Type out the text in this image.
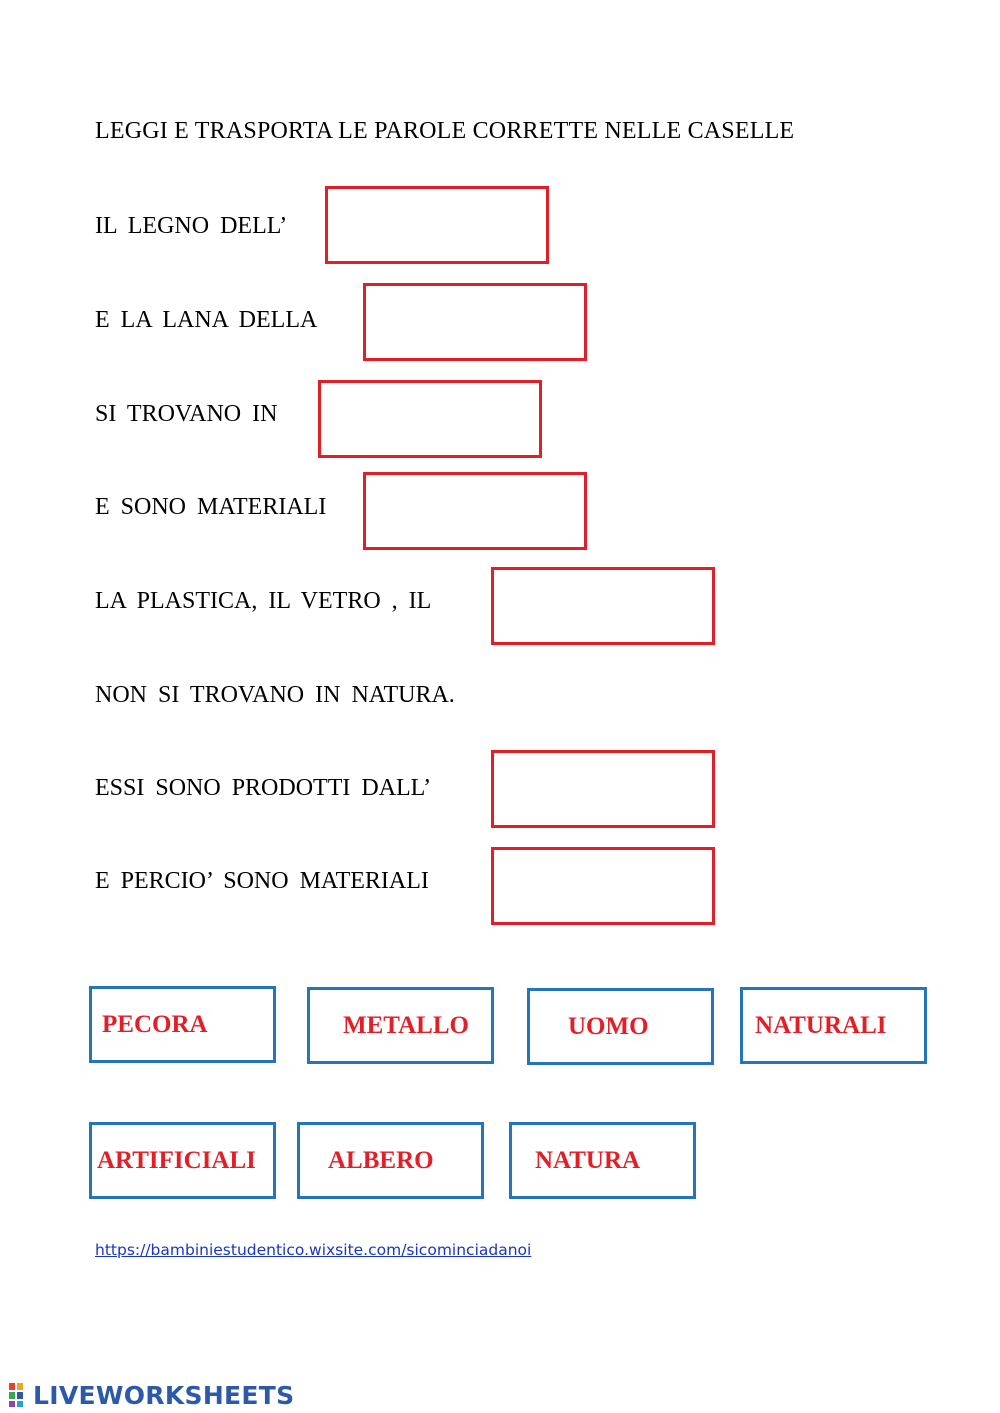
LEGGI E TRASPORTA LE PAROLE CORRETTE NELLE CASELLE
IL LEGNO DELL’
E LA LANA DELLA
SI TROVANO IN
E SONO MATERIALI
LA PLASTICA, IL VETRO , IL
NON SI TROVANO IN NATURA.
ESSI SONO PRODOTTI DALL’
E PERCIO’ SONO MATERIALI
PECORA	METALLO	UOMO	NATURALI
ARTIFICIALI	ALBERO	NATURA
https://bambiniestudentico.wixsite.com/sicominciadanoi
LIVEWORKSHEETS
